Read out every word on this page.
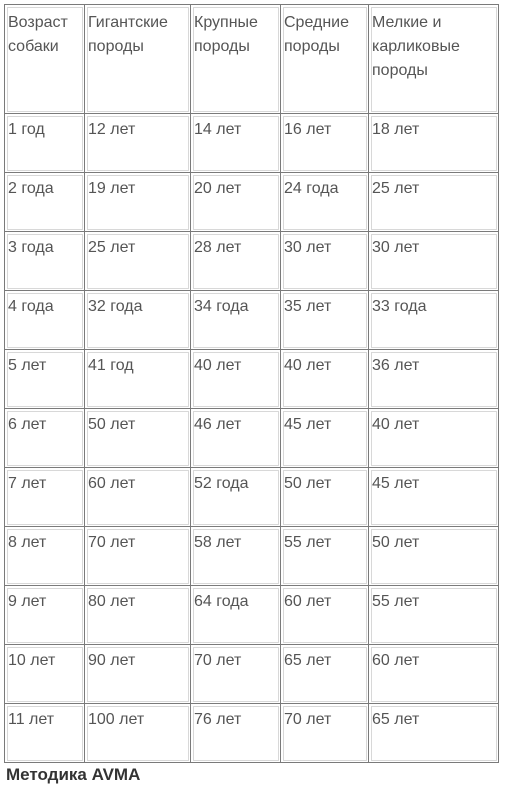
Возраст собаки	Гигантские породы	Крупные породы	Средние породы	Мелкие и карликовые породы
1 год	12 лет	14 лет	16 лет	18 лет
2 года	19 лет	20 лет	24 года	25 лет
3 года	25 лет	28 лет	30 лет	30 лет
4 года	32 года	34 года	35 лет	33 года
5 лет	41 год	40 лет	40 лет	36 лет
6 лет	50 лет	46 лет	45 лет	40 лет
7 лет	60 лет	52 года	50 лет	45 лет
8 лет	70 лет	58 лет	55 лет	50 лет
9 лет	80 лет	64 года	60 лет	55 лет
10 лет	90 лет	70 лет	65 лет	60 лет
11 лет	100 лет	76 лет	70 лет	65 лет
Методика AVMA
